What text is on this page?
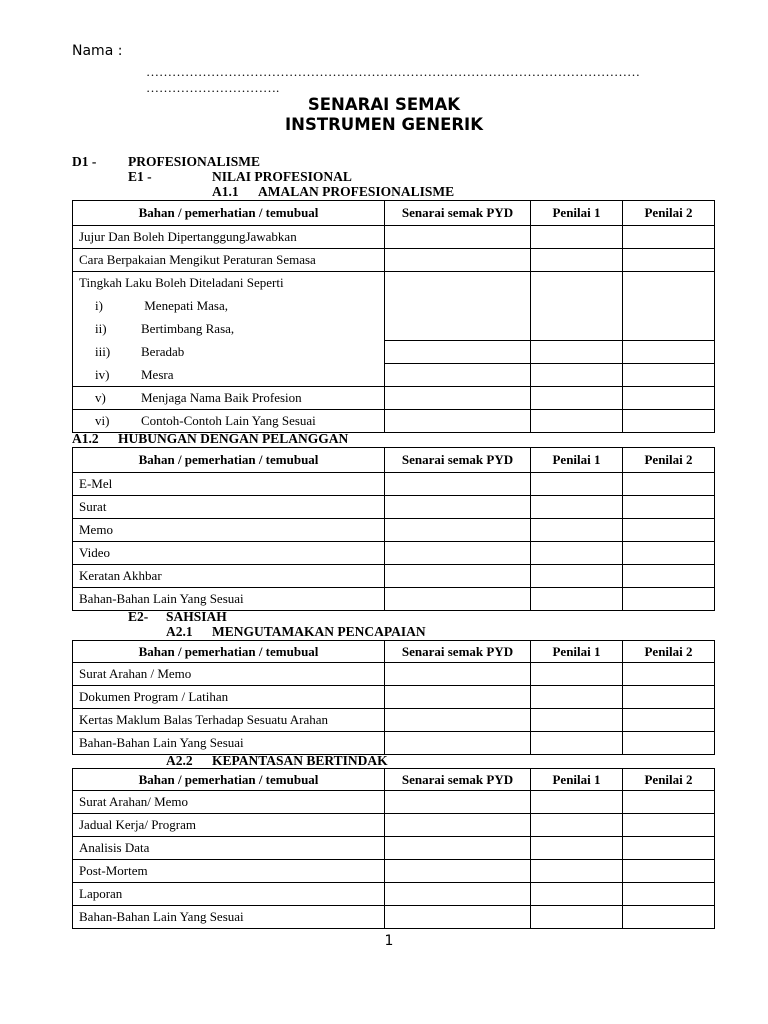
Nama :
……………………………………………………………………………………………………
………………………….
SENARAI SEMAK
INSTRUMEN GENERIK
D1 - PROFESIONALISME
E1 -	NILAI PROFESIONAL
A1.1 AMALAN PROFESIONALISME
Bahan / pemerhatian / temubual	Senarai semak PYD	Penilai 1	Penilai 2
Jujur Dan Boleh DipertanggungJawabkan			
Cara Berpakaian Mengikut Peraturan Semasa			
Tingkah Laku Boleh Diteladani Seperti			
i) Menepati Masa,			
ii) Bertimbang Rasa,			
iii) Beradab			
iv) Mesra			
v) Menjaga Nama Baik Profesion			
vi) Contoh-Contoh Lain Yang Sesuai			
A1.2 HUBUNGAN DENGAN PELANGGAN
Bahan / pemerhatian / temubual	Senarai semak PYD	Penilai 1	Penilai 2
E-Mel			
Surat			
Memo			
Video			
Keratan Akhbar			
Bahan-Bahan Lain Yang Sesuai			
E2- SAHSIAH
A2.1 MENGUTAMAKAN PENCAPAIAN
Bahan / pemerhatian / temubual	Senarai semak PYD	Penilai 1	Penilai 2
Surat Arahan / Memo			
Dokumen Program / Latihan			
Kertas Maklum Balas Terhadap Sesuatu Arahan			
Bahan-Bahan Lain Yang Sesuai			
A2.2 KEPANTASAN BERTINDAK
Bahan / pemerhatian / temubual	Senarai semak PYD	Penilai 1	Penilai 2
Surat Arahan/ Memo			
Jadual Kerja/ Program			
Analisis Data			
Post-Mortem			
Laporan			
Bahan-Bahan Lain Yang Sesuai			
1
